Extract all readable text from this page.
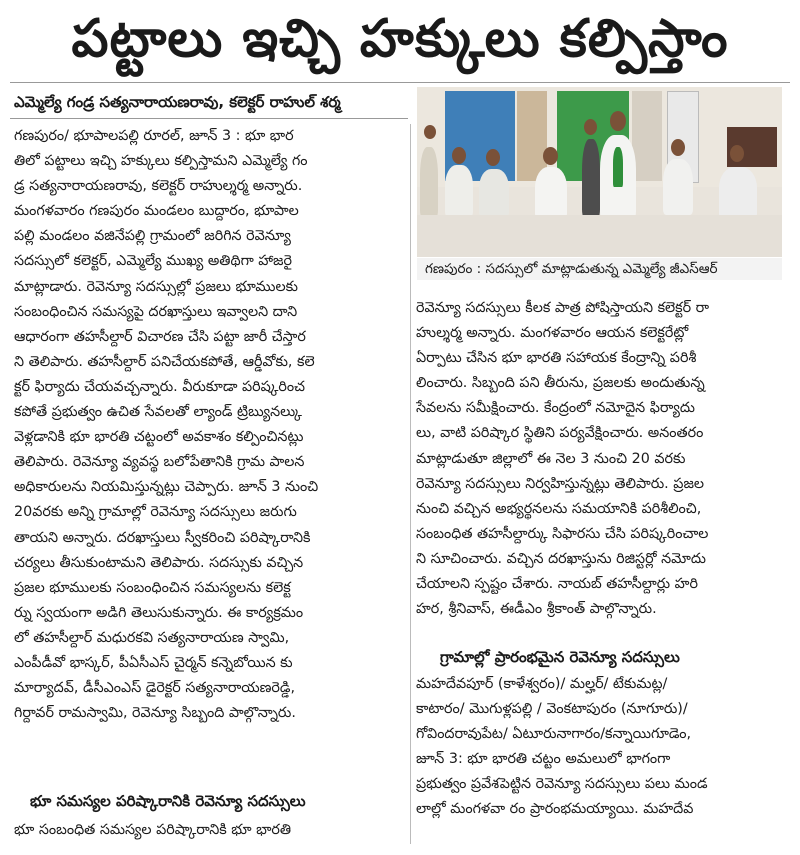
పట్టాలు ఇచ్చి హక్కులు కల్పిస్తాం
ఎమ్మెల్యే గండ్ర సత్యనారాయణరావు, కలెక్టర్ రాహుల్ శర్మ
గణపురం : సదస్సులో మాట్లాడుతున్న ఎమ్మెల్యే జీఎస్ఆర్

గణపురం/ భూపాలపల్లి రూరల్, జూన్ 3 : భూ భార

తిలో పట్టాలు ఇచ్చి హక్కులు కల్పిస్తామని ఎమ్మెల్యే గం

డ్ర సత్యనారాయణరావు, కలెక్టర్ రాహుల్శర్మ అన్నారు.

మంగళవారం గణపురం మండలం బుద్దారం, భూపాల

పల్లి మండలం వజినేపల్లి గ్రామంలో జరిగిన రెవెన్యూ

సదస్సులో కలెక్టర్, ఎమ్మెల్యే ముఖ్య అతిథిగా హాజరై

మాట్లాడారు. రెవెన్యూ సదస్సుల్లో ప్రజలు భూములకు

సంబంధించిన సమస్యపై దరఖాస్తులు ఇవ్వాలని దాని

ఆధారంగా తహసీల్దార్ విచారణ చేసి పట్టా జారీ చేస్తార

ని తెలిపారు. తహసీల్దార్ పనిచేయకపోతే, ఆర్డీవోకు, కలె

క్టర్ ఫిర్యాదు చేయవచ్చన్నారు. వీరుకూడా పరిష్కరించ

కపోతే ప్రభుత్వం ఉచిత సేవలతో ల్యాండ్ ట్రిబ్యునల్కు

వెళ్లడానికి భూ భారతి చట్టంలో అవకాశం కల్పించినట్లు

తెలిపారు. రెవెన్యూ వ్యవస్థ బలోపేతానికి గ్రామ పాలన

అధికారులను నియమిస్తున్నట్లు చెప్పారు. జూన్ 3 నుంచి

20వరకు అన్ని గ్రామాల్లో రెవెన్యూ సదస్సులు జరుగు

తాయని అన్నారు. దరఖాస్తులు స్వీకరించి పరిష్కారానికి

చర్యలు తీసుకుంటామని తెలిపారు. సదస్సుకు వచ్చిన

ప్రజల భూములకు సంబంధించిన సమస్యలను కలెక్ట

ర్ను స్వయంగా అడిగి తెలుసుకున్నారు. ఈ కార్యక్రమం

లో తహసీల్దార్ మధురకవి సత్యనారాయణ స్వామి,

ఎంపీడీవో భాస్కర్, పీఏసీఎస్ చైర్మన్ కన్నెబోయిన కు

మార్యాదవ్, డీసీఎంఎస్ డైరెక్టర్ సత్యనారాయణరెడ్డి,

గిర్దావర్ రామస్వామి, రెవెన్యూ సిబ్బంది పాల్గొన్నారు.

భూ సమస్యల పరిష్కారానికి రెవెన్యూ సదస్సులు

భూ సంబంధిత సమస్యల పరిష్కారానికి భూ భారతి

రెవెన్యూ సదస్సులు కీలక పాత్ర పోషిస్తాయని కలెక్టర్ రా

హుల్శర్మ అన్నారు. మంగళవారం ఆయన కలెక్టరేట్లో

ఏర్పాటు చేసిన భూ భారతి సహాయక కేంద్రాన్ని పరిశీ

లించారు. సిబ్బంది పని తీరును, ప్రజలకు అందుతున్న

సేవలను సమీక్షించారు. కేంద్రంలో నమోదైన ఫిర్యాదు

లు, వాటి పరిష్కార స్థితిని పర్యవేక్షించారు. అనంతరం

మాట్లాడుతూ జిల్లాలో ఈ నెల 3 నుంచి 20 వరకు

రెవెన్యూ సదస్సులు నిర్వహిస్తున్నట్లు తెలిపారు. ప్రజల

నుంచి వచ్చిన అభ్యర్థనలను సమయానికి పరిశీలించి,

సంబంధిత తహసీల్దార్కు సిఫారసు చేసి పరిష్కరించాల

ని సూచించారు. వచ్చిన దరఖాస్తును రిజిస్టర్లో నమోదు

చేయాలని స్పష్టం చేశారు. నాయబ్ తహసీల్దార్లు హరి

హర, శ్రీనివాస్, ఈడీఎం శ్రీకాంత్ పాల్గొన్నారు.

గ్రామాల్లో ప్రారంభమైన రెవెన్యూ సదస్సులు

మహదేవపూర్ (కాళేశ్వరం)/ మల్హర్/ టేకుమట్ల/

కాటారం/ మొగుళ్లపల్లి / వెంకటాపురం (నూగూరు)/

గోవిందరావుపేట/ ఏటూరునాగారం/కన్నాయిగూడెం,

జూన్ 3: భూ భారతి చట్టం అమలులో భాగంగా

ప్రభుత్వం ప్రవేశపెట్టిన రెవెన్యూ సదస్సులు పలు మండ

లాల్లో మంగళవా రం ప్రారంభమయ్యాయి. మహదేవ
